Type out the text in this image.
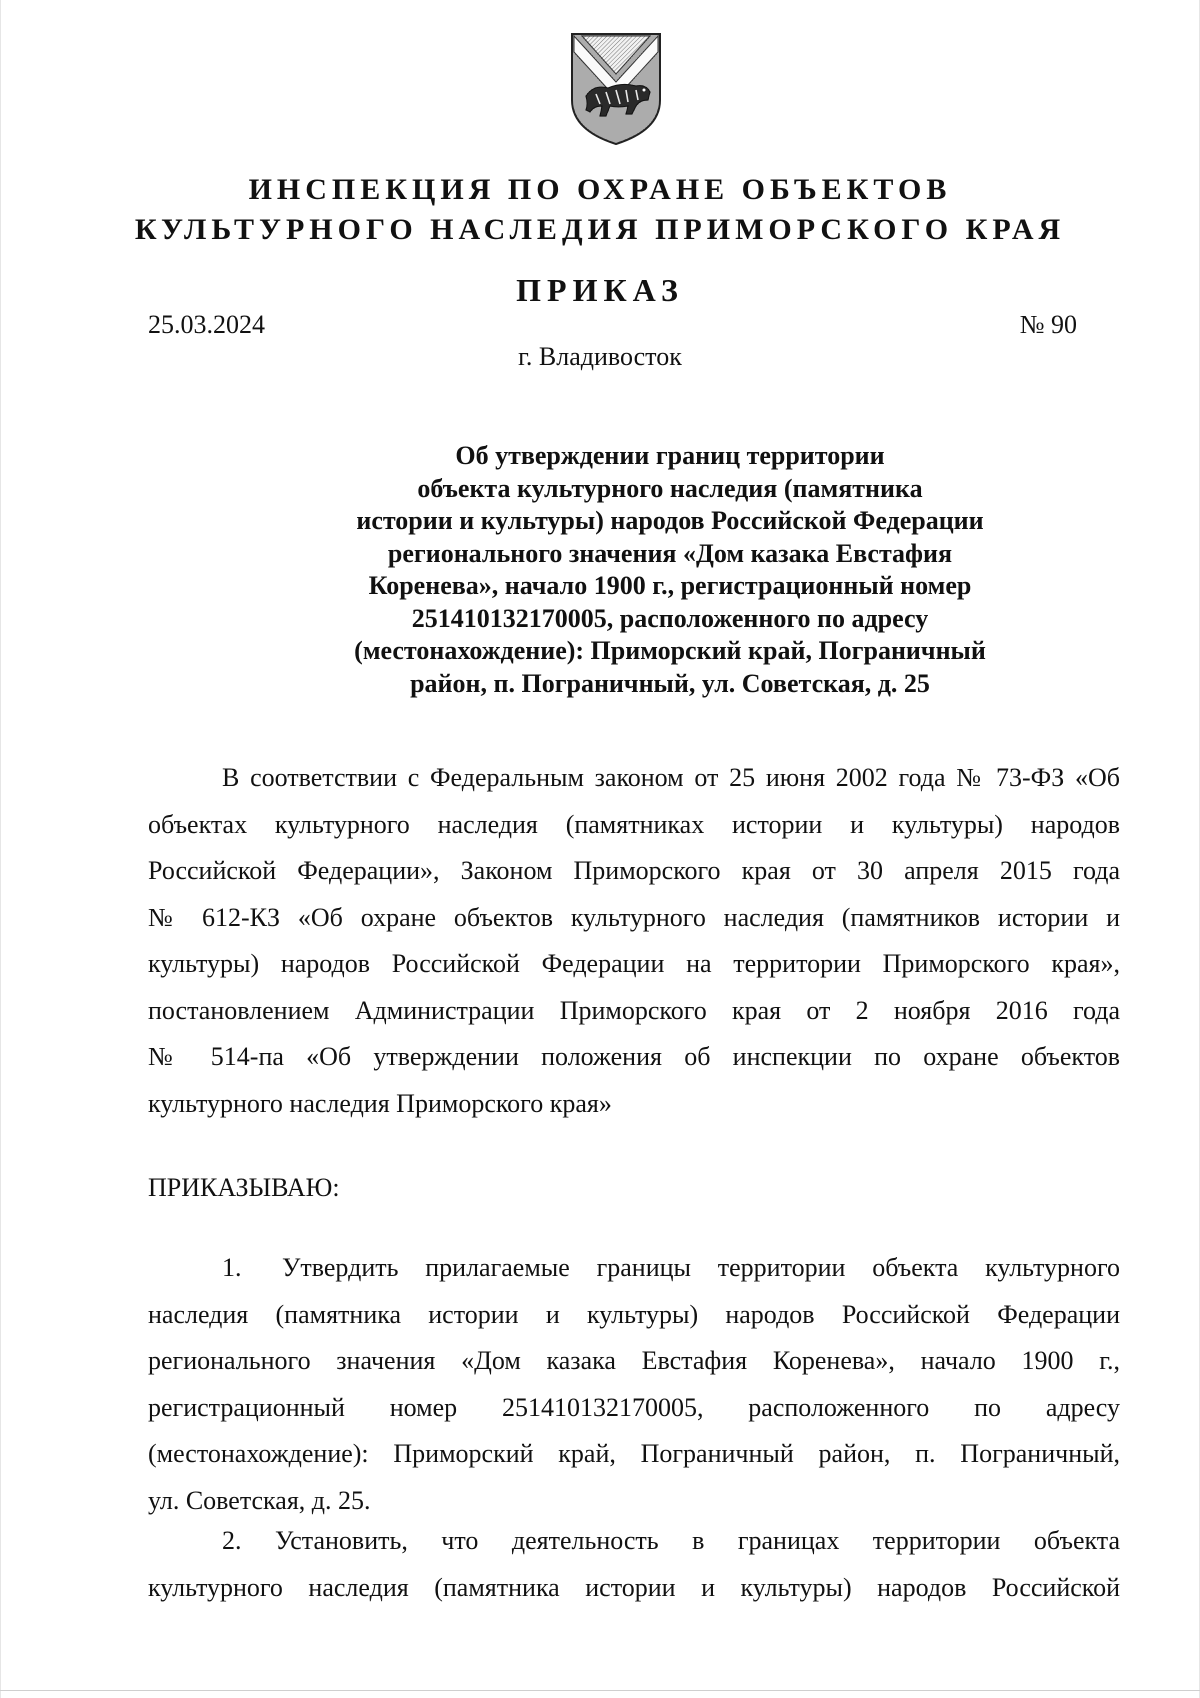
ИНСПЕКЦИЯ ПО ОХРАНЕ ОБЪЕКТОВ
КУЛЬТУРНОГО НАСЛЕДИЯ ПРИМОРСКОГО КРАЯ
ПРИКАЗ
25.03.2024	№ 90
г. Владивосток
Об утверждении границ территории
объекта культурного наследия (памятника
истории и культуры) народов Российской Федерации
регионального значения «Дом казака Евстафия
Коренева», начало 1900 г., регистрационный номер
251410132170005, расположенного по адресу
(местонахождение): Приморский край, Пограничный
район, п. Пограничный, ул. Советская, д. 25
В соответствии с Федеральным законом от 25 июня 2002 года № 73-ФЗ «Об
объектах культурного наследия (памятниках истории и культуры) народов
Российской Федерации», Законом Приморского края от 30 апреля 2015 года
№ 612-КЗ «Об охране объектов культурного наследия (памятников истории и
культуры) народов Российской Федерации на территории Приморского края»,
постановлением Администрации Приморского края от 2 ноября 2016 года
№ 514-па «Об утверждении положения об инспекции по охране объектов
культурного наследия Приморского края»
ПРИКАЗЫВАЮ:
1. Утвердить прилагаемые границы территории объекта культурного
наследия (памятника истории и культуры) народов Российской Федерации
регионального значения «Дом казака Евстафия Коренева», начало 1900 г.,
регистрационный номер 251410132170005, расположенного по адресу
(местонахождение): Приморский край, Пограничный район, п. Пограничный,
ул. Советская, д. 25.
2. Установить, что деятельность в границах территории объекта
культурного наследия (памятника истории и культуры) народов Российской
